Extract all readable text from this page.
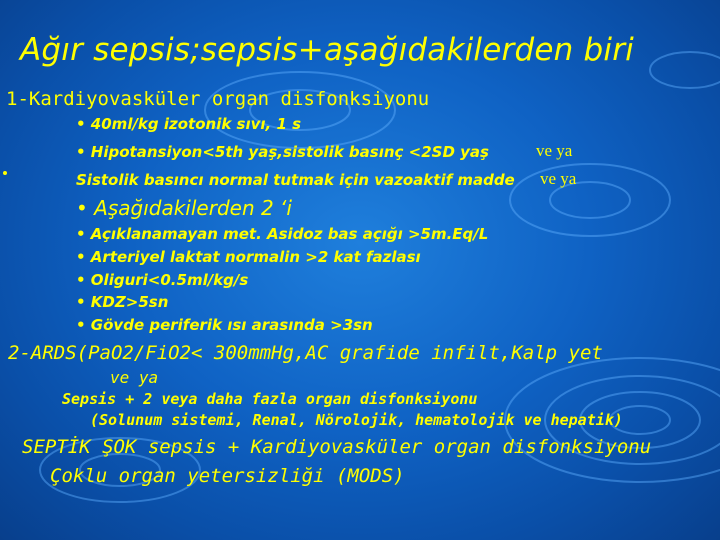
Ağır sepsis;sepsis+aşağıdakilerden biri
1-Kardiyovasküler organ disfonksiyonu
• 40ml/kg izotonik sıvı, 1 s
• Hipotansiyon<5th yaş,sistolik basınç <2SD yaş	ve ya
Sistolik basıncı normal tutmak için vazoaktif madde ve ya
• Aşağıdakilerden 2 ‘i
• Açıklanamayan met. Asidoz bas açığı >5m.Eq/L
• Arteriyel laktat normalin >2 kat fazlası
• Oliguri<0.5ml/kg/s
• KDZ>5sn
• Gövde periferik ısı arasında >3sn
2-ARDS(PaO2/FiO2< 300mmHg,AC grafide infilt,Kalp yet
ve ya
Sepsis + 2 veya daha fazla organ disfonksiyonu
(Solunum sistemi, Renal, Nörolojik, hematolojik ve hepatik)
SEPTİK ŞOK sepsis + Kardiyovasküler organ disfonksiyonu
Çoklu organ yetersizliği (MODS)
